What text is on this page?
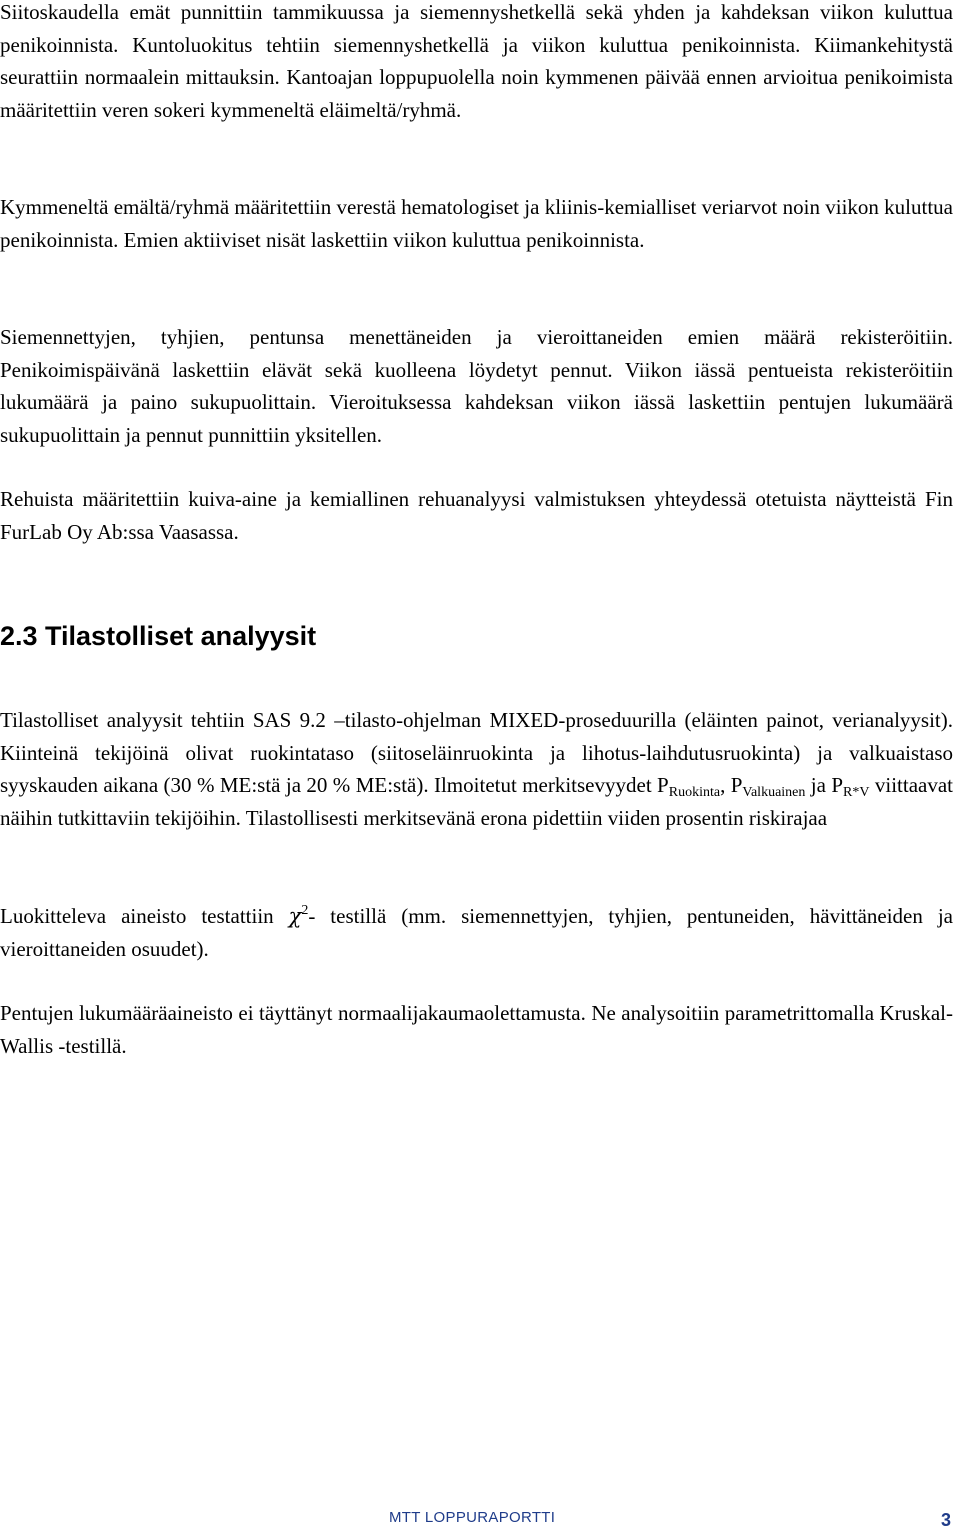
Siitoskaudella emät punnittiin tammikuussa ja siemennyshetkellä sekä yhden ja kahdeksan viikon kuluttua penikoinnista. Kuntoluokitus tehtiin siemennyshetkellä ja viikon kuluttua penikoinnista. Kiimankehitystä seurattiin normaalein mittauksin. Kantoajan loppupuolella noin kymmenen päivää ennen arvioitua penikoimista määritettiin veren sokeri kymmeneltä eläimeltä/ryhmä.

Kymmeneltä emältä/ryhmä määritettiin verestä hematologiset ja kliinis-kemialliset veriarvot noin viikon kuluttua penikoinnista. Emien aktiiviset nisät laskettiin viikon kuluttua penikoinnista.

Siemennettyjen, tyhjien, pentunsa menettäneiden ja vieroittaneiden emien määrä rekisteröitiin. Penikoimispäivänä laskettiin elävät sekä kuolleena löydetyt pennut. Viikon iässä pentueista rekisteröitiin lukumäärä ja paino sukupuolittain. Vieroituksessa kahdeksan viikon iässä laskettiin pentujen lukumäärä sukupuolittain ja pennut punnittiin yksitellen.

Rehuista määritettiin kuiva-aine ja kemiallinen rehuanalyysi valmistuksen yhteydessä otetuista näytteistä Fin FurLab Oy Ab:ssa Vaasassa.

2.3 Tilastolliset analyysit

Tilastolliset analyysit tehtiin SAS 9.2 –tilasto-ohjelman MIXED-proseduurilla (eläinten painot, verianalyysit). Kiinteinä tekijöinä olivat ruokintataso (siitoseläinruokinta ja lihotus-laihdutusruokinta) ja valkuaistaso syyskauden aikana (30 % ME:stä ja 20 % ME:stä). Ilmoitetut merkitsevyydet $P_{Ruokinta}$, $P_{Valkuainen}$ ja $P_{R*V}$ viittaavat näihin tutkittaviin tekijöihin. Tilastollisesti merkitsevänä erona pidettiin viiden prosentin riskirajaa

Luokitteleva aineisto testattiin $\chi^2-$ testillä (mm. siemennettyjen, tyhjien, pentuneiden, hävittäneiden ja vieroittaneiden osuudet).

Pentujen lukumääräaineisto ei täyttänyt normaalijakaumaolettamusta. Ne analysoitiin parametrittomalla Kruskal-Wallis -testillä.

MTT LOPPURAPORTTI	3
